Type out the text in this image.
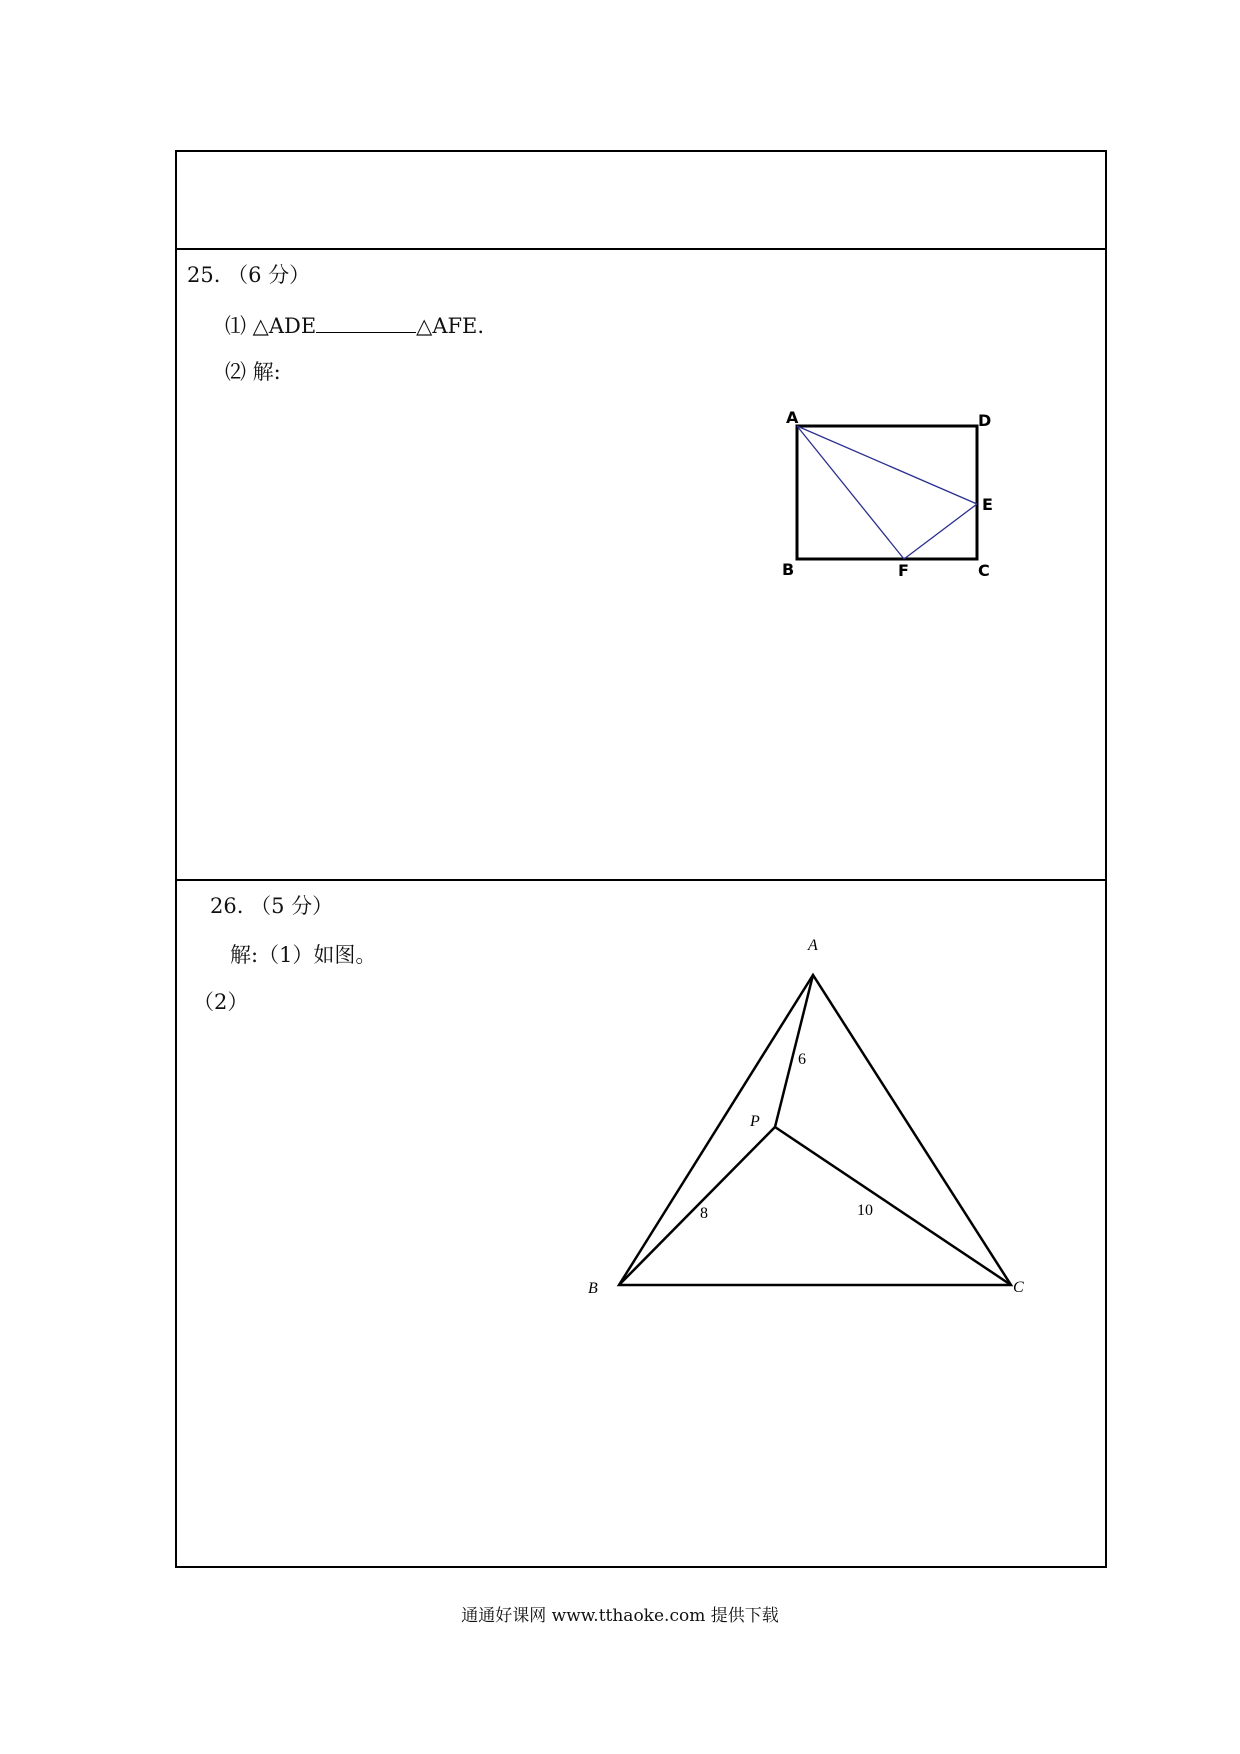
25. （6 分）
⑴ △ADE	△AFE.
⑵ 解:
A	D
E
B	F	C
26. （5 分）
解:（1）如图。
（2）
A
B	C
P
6
8	10
通通好课网 www.tthaoke.com 提供下载
